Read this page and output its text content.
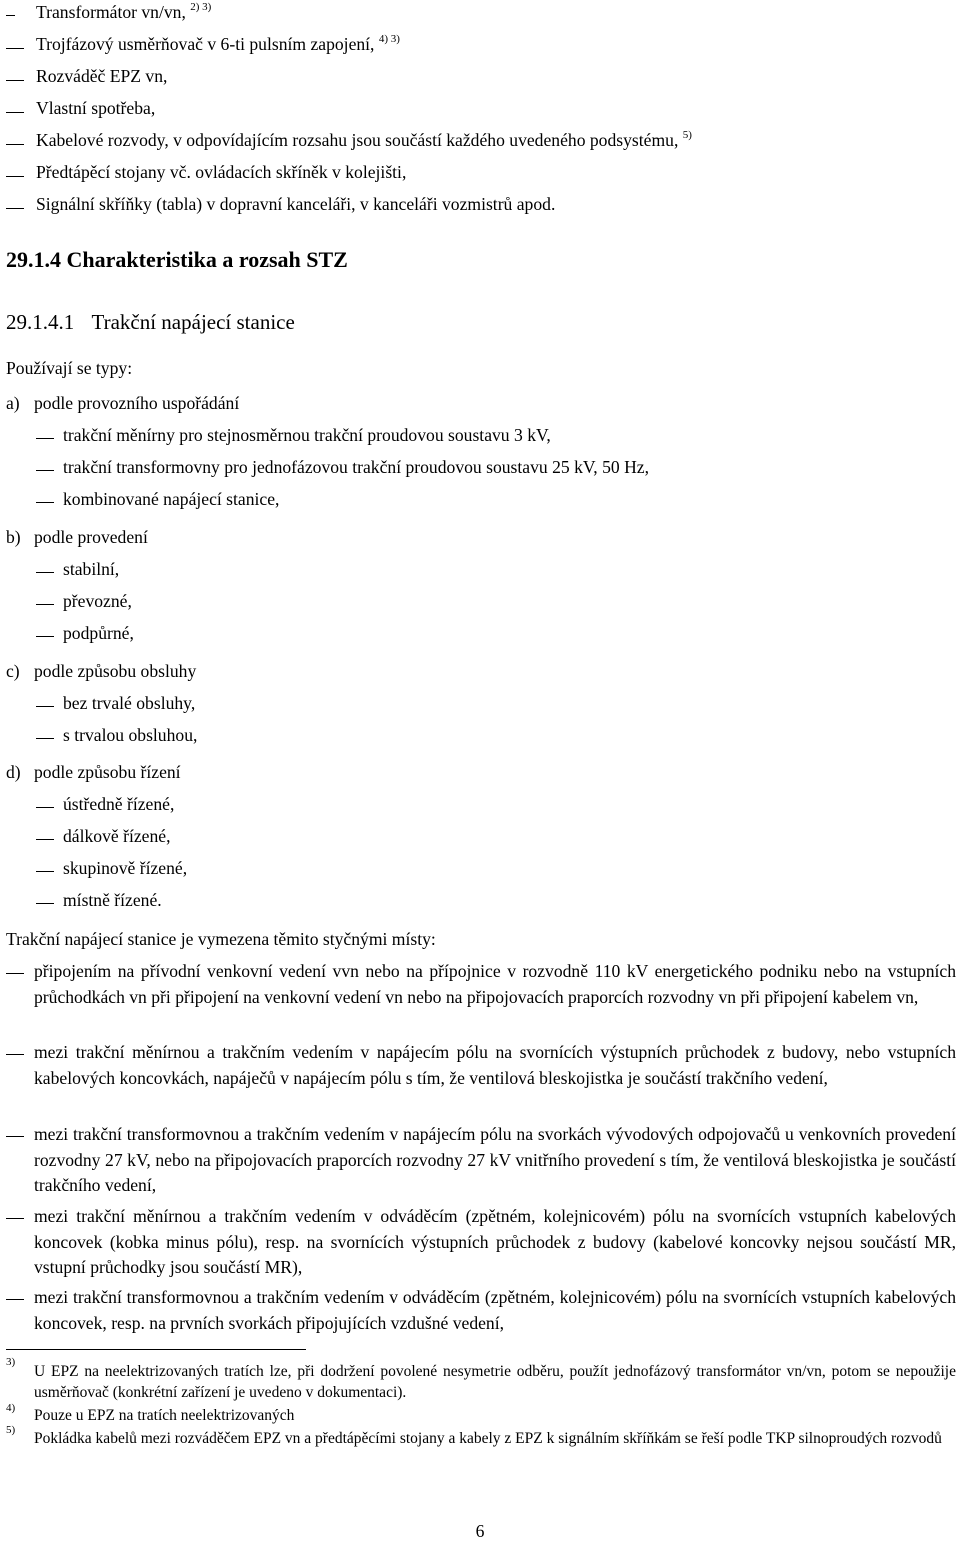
Transformátor vn/vn, $^{2) 3)}$
Trojfázový usměrňovač v 6-ti pulsním zapojení, $^{4) 3)}$
Rozváděč EPZ vn,
Vlastní spotřeba,
Kabelové rozvody, v odpovídajícím rozsahu jsou součástí každého uvedeného podsystému, $^{5)}$
Předtápěcí stojany vč. ovládacích skříněk v kolejišti,
Signální skříňky (tabla) v dopravní kanceláři, v kanceláři vozmistrů apod.
29.1.4 Charakteristika a rozsah STZ
29.1.4.1 Trakční napájecí stanice
Používají se typy:
a) podle provozního uspořádání
trakční měnírny pro stejnosměrnou trakční proudovou soustavu 3 kV,
trakční transformovny pro jednofázovou trakční proudovou soustavu 25 kV, 50 Hz,
kombinované napájecí stanice,
b) podle provedení
stabilní,
převozné,
podpůrné,
c) podle způsobu obsluhy
bez trvalé obsluhy,
s trvalou obsluhou,
d) podle způsobu řízení
ústředně řízené,
dálkově řízené,
skupinově řízené,
místně řízené.
Trakční napájecí stanice je vymezena těmito styčnými místy:
připojením na přívodní venkovní vedení vvn nebo na přípojnice v rozvodně 110 kV energetického podniku nebo na vstupních průchodkách vn při připojení na venkovní vedení vn nebo na připojovacích praporcích rozvodny vn při připojení kabelem vn,
mezi trakční měnírnou a trakčním vedením v napájecím pólu na svornících výstupních průchodek z budovy, nebo vstupních kabelových koncovkách, napáječů v napájecím pólu s tím, že ventilová bleskojistka je součástí trakčního vedení,
mezi trakční transformovnou a trakčním vedením v napájecím pólu na svorkách vývodových odpojovačů u venkovních provedení rozvodny 27 kV, nebo na připojovacích praporcích rozvodny 27 kV vnitřního provedení s tím, že ventilová bleskojistka je součástí trakčního vedení,
mezi trakční měnírnou a trakčním vedením v odváděcím (zpětném, kolejnicovém) pólu na svornících vstupních kabelových koncovek (kobka minus pólu), resp. na svornících výstupních průchodek z budovy (kabelové koncovky nejsou součástí MR, vstupní průchodky jsou součástí MR),
mezi trakční transformovnou a trakčním vedením v odváděcím (zpětném, kolejnicovém) pólu na svornících vstupních kabelových koncovek, resp. na prvních svorkách připojujících vzdušné vedení,
3)
U EPZ na neelektrizovaných tratích lze, při dodržení povolené nesymetrie odběru, použít jednofázový transformátor vn/vn, potom se nepoužije usměrňovač (konkrétní zařízení je uvedeno v dokumentaci).
4) Pouze u EPZ na tratích neelektrizovaných
5) Pokládka kabelů mezi rozváděčem EPZ vn a předtápěcími stojany a kabely z EPZ k signálním skříňkám se řeší podle TKP silnoproudých rozvodů
6
